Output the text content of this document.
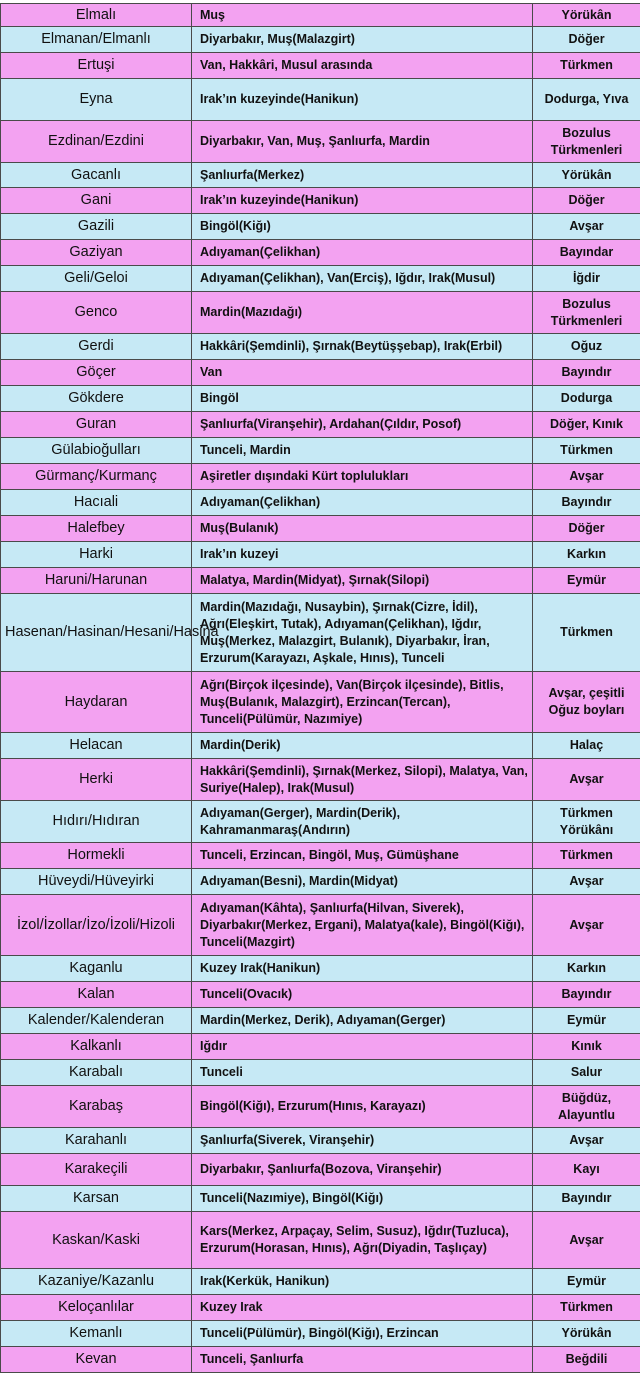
Elmalı	Muş	Yörükân
Elmanan/Elmanlı	Diyarbakır, Muş(Malazgirt)	Döğer
Ertuşi	Van, Hakkâri, Musul arasında	Türkmen
Eyna	Irak’ın kuzeyinde(Hanikun)	Dodurga, Yıva
Ezdinan/Ezdini	Diyarbakır, Van, Muş, Şanlıurfa, Mardin	Bozulus Türkmenleri
Gacanlı	Şanlıurfa(Merkez)	Yörükân
Gani	Irak’ın kuzeyinde(Hanikun)	Döğer
Gazili	Bingöl(Kiğı)	Avşar
Gaziyan	Adıyaman(Çelikhan)	Bayındar
Geli/Geloi	Adıyaman(Çelikhan), Van(Erciş), Iğdır, Irak(Musul)	İğdir
Genco	Mardin(Mazıdağı)	Bozulus Türkmenleri
Gerdi	Hakkâri(Şemdinli), Şırnak(Beytüşşebap), Irak(Erbil)	Oğuz
Göçer	Van	Bayındır
Gökdere	Bingöl	Dodurga
Guran	Şanlıurfa(Viranşehir), Ardahan(Çıldır, Posof)	Döğer, Kınık
Gülabioğulları	Tunceli, Mardin	Türkmen
Gürmanç/Kurmanç	Aşiretler dışındaki Kürt toplulukları	Avşar
Hacıali	Adıyaman(Çelikhan)	Bayındır
Halefbey	Muş(Bulanık)	Döğer
Harki	Irak’ın kuzeyi	Karkın
Haruni/Harunan	Malatya, Mardin(Midyat), Şırnak(Silopi)	Eymür
Hasenan/Hasinan/Hesani/Hasina	Mardin(Mazıdağı, Nusaybin), Şırnak(Cizre, İdil), Ağrı(Eleşkirt, Tutak), Adıyaman(Çelikhan), Iğdır, Muş(Merkez, Malazgirt, Bulanık), Diyarbakır, İran, Erzurum(Karayazı, Aşkale, Hınıs), Tunceli	Türkmen
Haydaran	Ağrı(Birçok ilçesinde), Van(Birçok ilçesinde), Bitlis, Muş(Bulanık, Malazgirt), Erzincan(Tercan), Tunceli(Pülümür, Nazımiye)	Avşar, çeşitli Oğuz boyları
Helacan	Mardin(Derik)	Halaç
Herki	Hakkâri(Şemdinli), Şırnak(Merkez, Silopi), Malatya, Van, Suriye(Halep), Irak(Musul)	Avşar
Hıdırı/Hıdıran	Adıyaman(Gerger), Mardin(Derik), Kahramanmaraş(Andırın)	Türkmen Yörükânı
Hormekli	Tunceli, Erzincan, Bingöl, Muş, Gümüşhane	Türkmen
Hüveydi/Hüveyirki	Adıyaman(Besni), Mardin(Midyat)	Avşar
İzol/İzollar/İzo/İzoli/Hizoli	Adıyaman(Kâhta), Şanlıurfa(Hilvan, Siverek), Diyarbakır(Merkez, Ergani), Malatya(kale), Bingöl(Kiğı), Tunceli(Mazgirt)	Avşar
Kaganlu	Kuzey Irak(Hanikun)	Karkın
Kalan	Tunceli(Ovacık)	Bayındır
Kalender/Kalenderan	Mardin(Merkez, Derik), Adıyaman(Gerger)	Eymür
Kalkanlı	Iğdır	Kınık
Karabalı	Tunceli	Salur
Karabaş	Bingöl(Kiğı), Erzurum(Hınıs, Karayazı)	Büğdüz, Alayuntlu
Karahanlı	Şanlıurfa(Siverek, Viranşehir)	Avşar
Karakeçili	Diyarbakır, Şanlıurfa(Bozova, Viranşehir)	Kayı
Karsan	Tunceli(Nazımiye), Bingöl(Kiğı)	Bayındır
Kaskan/Kaski	Kars(Merkez, Arpaçay, Selim, Susuz), Iğdır(Tuzluca), Erzurum(Horasan, Hınıs), Ağrı(Diyadin, Taşlıçay)	Avşar
Kazaniye/Kazanlu	Irak(Kerkük, Hanikun)	Eymür
Keloçanlılar	Kuzey Irak	Türkmen
Kemanlı	Tunceli(Pülümür), Bingöl(Kiğı), Erzincan	Yörükân
Kevan	Tunceli, Şanlıurfa	Beğdili
